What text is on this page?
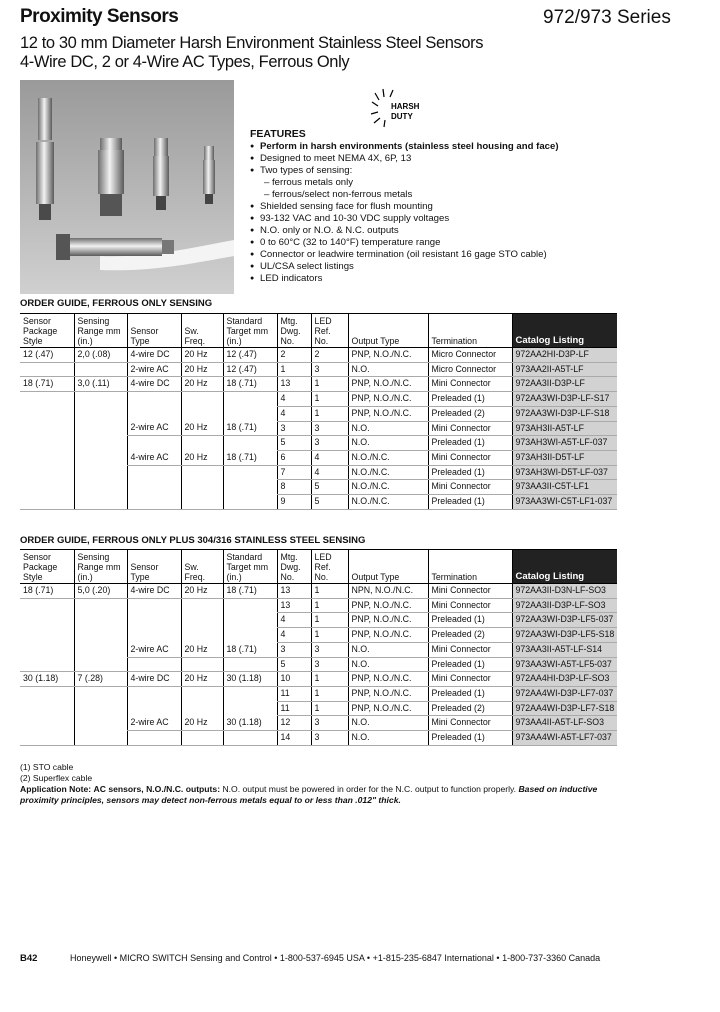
Proximity Sensors	972/973 Series
12 to 30 mm Diameter Harsh Environment Stainless Steel Sensors
4-Wire DC, 2 or 4-Wire AC Types, Ferrous Only
HARSH
DUTY
FEATURES
● Perform in harsh environments (stainless steel housing and face)
● Designed to meet NEMA 4X, 6P, 13
● Two types of sensing:
– ferrous metals only
– ferrous/select non-ferrous metals
● Shielded sensing face for flush mounting
● 93-132 VAC and 10-30 VDC supply voltages
● N.O. only or N.O. & N.C. outputs
● 0 to 60°C (32 to 140°F) temperature range
● Connector or leadwire termination (oil resistant 16 gage STO cable)
● UL/CSA select listings
● LED indicators
ORDER GUIDE, FERROUS ONLY SENSING
Sensor Package Style	Sensing Range mm (in.)	Sensor Type	Sw. Freq.	Standard Target mm (in.)	Mtg. Dwg. No.	LED Ref. No.	Output Type	Termination	Catalog Listing
12 (.47)	2,0 (.08)	4-wire DC	20 Hz	12 (.47)	2	2	PNP, N.O./N.C.	Micro Connector	972AA2HI-D3P-LF
		2-wire AC	20 Hz	12 (.47)	1	3	N.O.	Micro Connector	973AA2II-A5T-LF
18 (.71)	3,0 (.11)	4-wire DC	20 Hz	18 (.71)	13	1	PNP, N.O./N.C.	Mini Connector	972AA3II-D3P-LF
					4	1	PNP, N.O./N.C.	Preleaded (1)	972AA3WI-D3P-LF-S17
					4	1	PNP, N.O./N.C.	Preleaded (2)	972AA3WI-D3P-LF-S18
		2-wire AC	20 Hz	18 (.71)	3	3	N.O.	Mini Connector	973AH3II-A5T-LF
					5	3	N.O.	Preleaded (1)	973AH3WI-A5T-LF-037
		4-wire AC	20 Hz	18 (.71)	6	4	N.O./N.C.	Mini Connector	973AH3II-D5T-LF
					7	4	N.O./N.C.	Preleaded (1)	973AH3WI-D5T-LF-037
					8	5	N.O./N.C.	Mini Connector	973AA3II-C5T-LF1
					9	5	N.O./N.C.	Preleaded (1)	973AA3WI-C5T-LF1-037
ORDER GUIDE, FERROUS ONLY PLUS 304/316 STAINLESS STEEL SENSING
Sensor Package Style	Sensing Range mm (in.)	Sensor Type	Sw. Freq.	Standard Target mm (in.)	Mtg. Dwg. No.	LED Ref. No.	Output Type	Termination	Catalog Listing
18 (.71)	5,0 (.20)	4-wire DC	20 Hz	18 (.71)	13	1	NPN, N.O./N.C.	Mini Connector	972AA3II-D3N-LF-SO3
					13	1	PNP, N.O./N.C.	Mini Connector	972AA3II-D3P-LF-SO3
					4	1	PNP, N.O./N.C.	Preleaded (1)	972AA3WI-D3P-LF5-037
					4	1	PNP, N.O./N.C.	Preleaded (2)	972AA3WI-D3P-LF5-S18
		2-wire AC	20 Hz	18 (.71)	3	3	N.O.	Mini Connector	973AA3II-A5T-LF-S14
					5	3	N.O.	Preleaded (1)	973AA3WI-A5T-LF5-037
30 (1.18)	7 (.28)	4-wire DC	20 Hz	30 (1.18)	10	1	PNP, N.O./N.C.	Mini Connector	972AA4HI-D3P-LF-SO3
					11	1	PNP, N.O./N.C.	Preleaded (1)	972AA4WI-D3P-LF7-037
					11	1	PNP, N.O./N.C.	Preleaded (2)	972AA4WI-D3P-LF7-S18
		2-wire AC	20 Hz	30 (1.18)	12	3	N.O.	Mini Connector	973AA4II-A5T-LF-SO3
					14	3	N.O.	Preleaded (1)	973AA4WI-A5T-LF7-037
(1) STO cable
(2) Superflex cable
Application Note: AC sensors, N.O./N.C. outputs: N.O. output must be powered in order for the N.C. output to function properly. Based on inductive proximity principles, sensors may detect non-ferrous metals equal to or less than .012" thick.
B42	Honeywell • MICRO SWITCH Sensing and Control • 1-800-537-6945 USA • +1-815-235-6847 International • 1-800-737-3360 Canada
